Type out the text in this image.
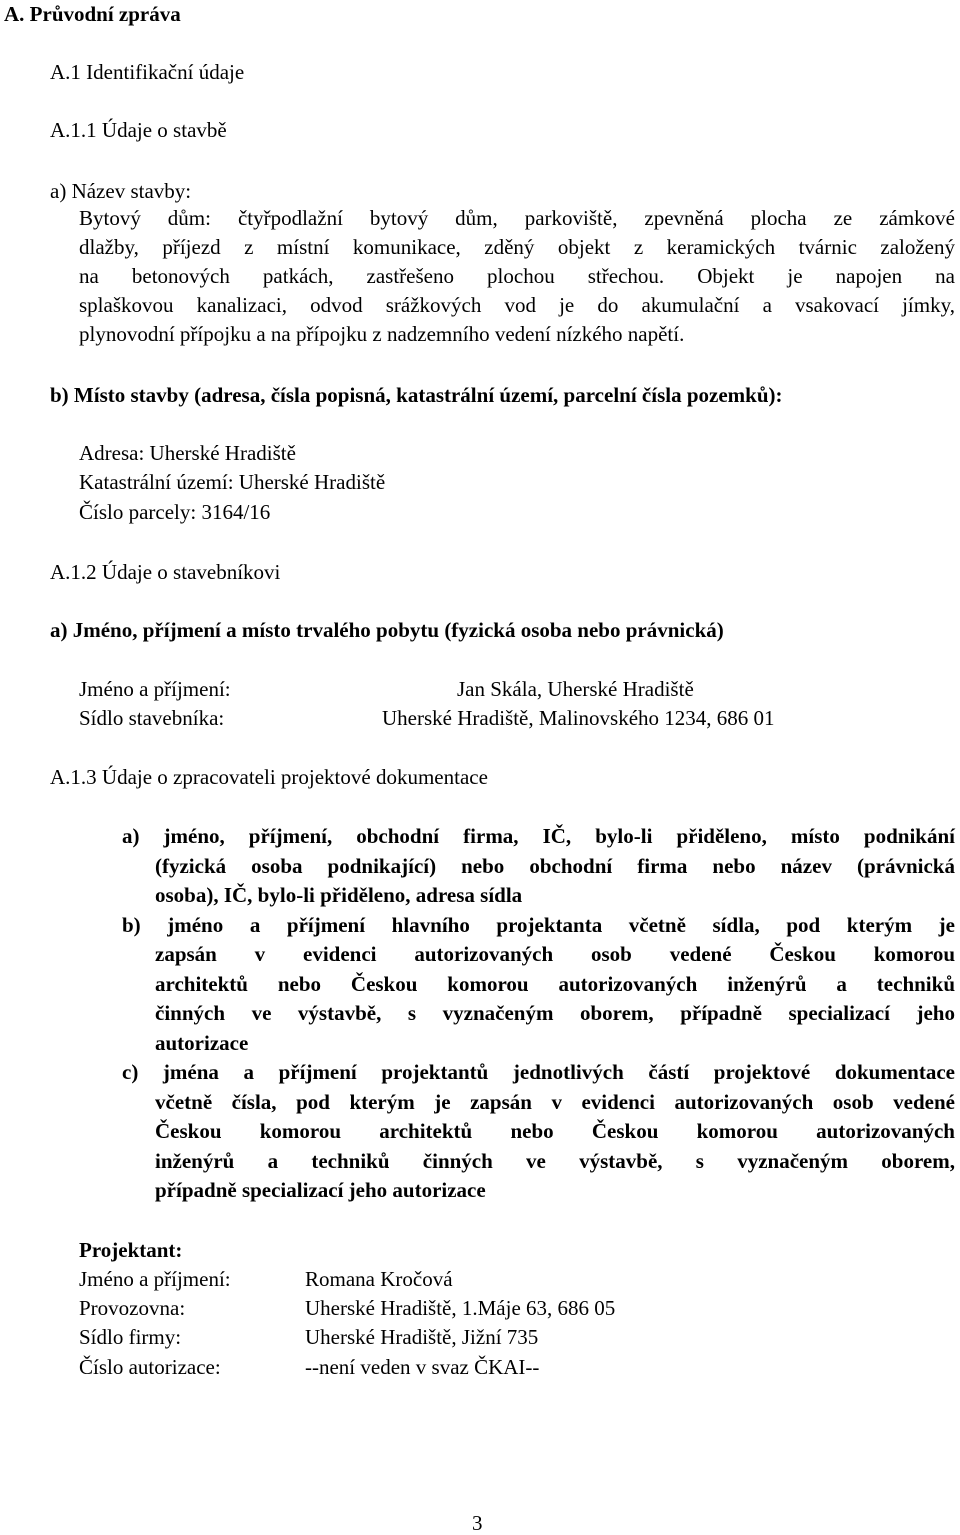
A. Průvodní zpráva
A.1 Identifikační údaje
A.1.1 Údaje o stavbě
a) Název stavby:
Bytový dům: čtyřpodlažní bytový dům, parkoviště, zpevněná plocha ze zámkové
dlažby, příjezd z místní komunikace, zděný objekt z keramických tvárnic založený
na betonových patkách, zastřešeno plochou střechou. Objekt je napojen na
splaškovou kanalizaci, odvod srážkových vod je do akumulační a vsakovací jímky,
plynovodní přípojku a na přípojku z nadzemního vedení nízkého napětí.
b) Místo stavby (adresa, čísla popisná, katastrální území, parcelní čísla pozemků):
Adresa: Uherské Hradiště
Katastrální území: Uherské Hradiště
Číslo parcely: 3164/16
A.1.2 Údaje o stavebníkovi
a) Jméno, příjmení a místo trvalého pobytu (fyzická osoba nebo právnická)
Jméno a příjmení:	Jan Skála, Uherské Hradiště
Sídlo stavebníka:	Uherské Hradiště, Malinovského 1234, 686 01
A.1.3 Údaje o zpracovateli projektové dokumentace
a) jméno, příjmení, obchodní firma, IČ, bylo-li přiděleno, místo podnikání
(fyzická osoba podnikající) nebo obchodní firma nebo název (právnická
osoba), IČ, bylo-li přiděleno, adresa sídla
b) jméno a příjmení hlavního projektanta včetně sídla, pod kterým je
zapsán v evidenci autorizovaných osob vedené Českou komorou
architektů nebo Českou komorou autorizovaných inženýrů a techniků
činných ve výstavbě, s vyznačeným oborem, případně specializací jeho
autorizace
c) jména a příjmení projektantů jednotlivých částí projektové dokumentace
včetně čísla, pod kterým je zapsán v evidenci autorizovaných osob vedené
Českou komorou architektů nebo Českou komorou autorizovaných
inženýrů a techniků činných ve výstavbě, s vyznačeným oborem,
případně specializací jeho autorizace
Projektant:
Jméno a příjmení:	Romana Kročová
Provozovna:	Uherské Hradiště, 1.Máje 63, 686 05
Sídlo firmy:	Uherské Hradiště, Jižní 735
Číslo autorizace:	--není veden v svaz ČKAI--
3
